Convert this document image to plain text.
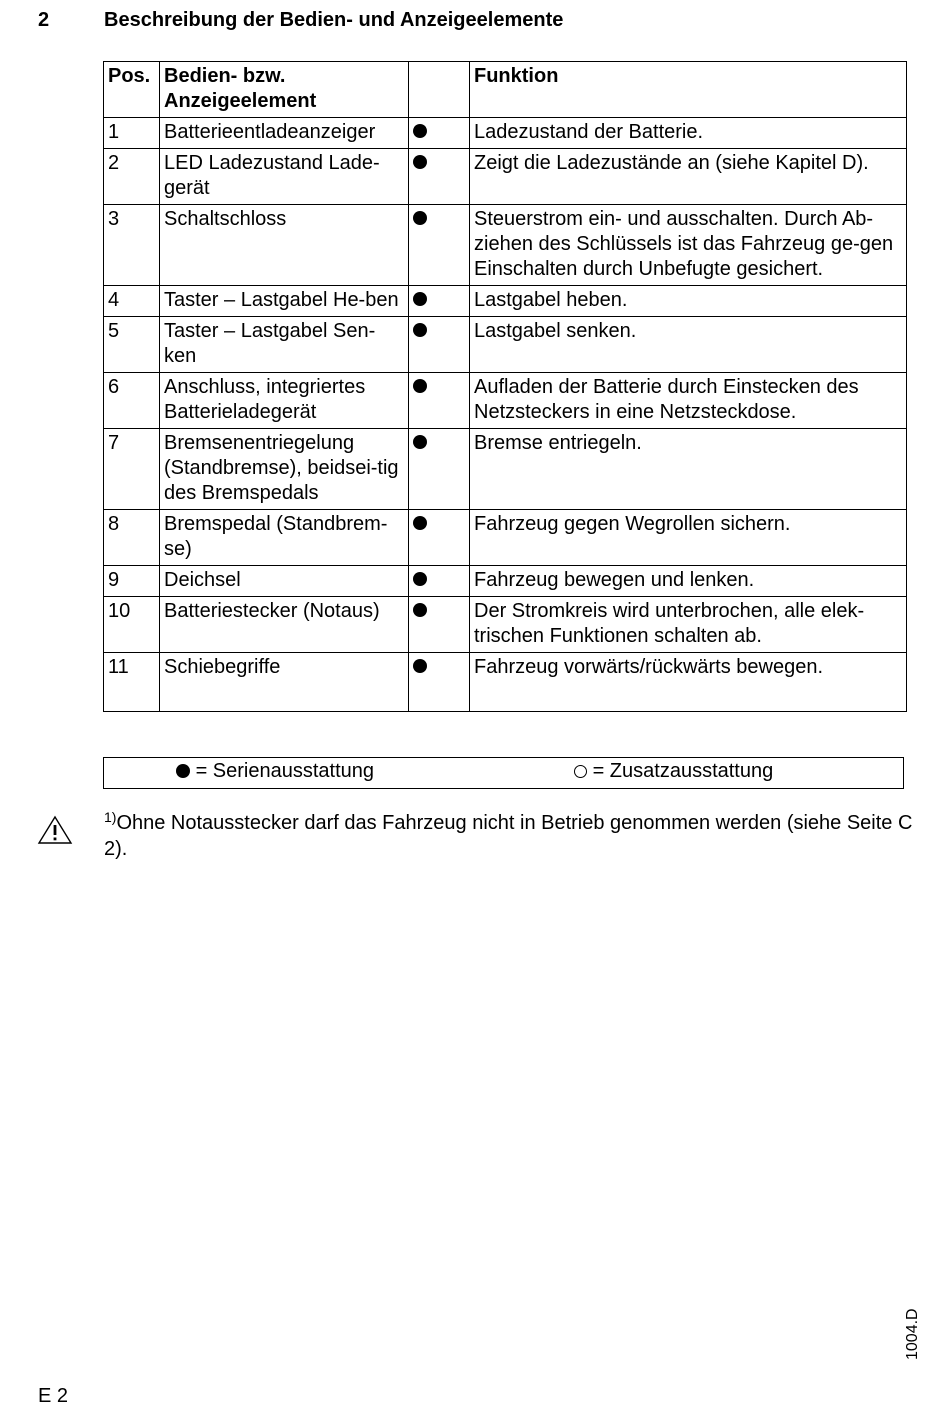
2	Beschreibung der Bedien- und Anzeigeelemente
Pos.	Bedien- bzw. Anzeigeelement		Funktion
1	Batterieentladeanzeiger		Ladezustand der Batterie.
2	LED Ladezustand Lade-gerät		Zeigt die Ladezustände an (siehe Kapitel D).
3	Schaltschloss		Steuerstrom ein- und ausschalten. Durch Ab-ziehen des Schlüssels ist das Fahrzeug ge-gen Einschalten durch Unbefugte gesichert.
4	Taster – Lastgabel He-ben		Lastgabel heben.
5	Taster – Lastgabel Sen-ken		Lastgabel senken.
6	Anschluss, integriertes Batterieladegerät		Aufladen der Batterie durch Einstecken des Netzsteckers in eine Netzsteckdose.
7	Bremsenentriegelung (Standbremse), beidsei-tig des Bremspedals		Bremse entriegeln.
8	Bremspedal (Standbrem-se)		Fahrzeug gegen Wegrollen sichern.
9	Deichsel		Fahrzeug bewegen und lenken.
10	Batteriestecker (Notaus)		Der Stromkreis wird unterbrochen, alle elek-trischen Funktionen schalten ab.
11	Schiebegriffe		Fahrzeug vorwärts/rückwärts bewegen.
= Serienausstattung	= Zusatzausstattung
$^{1)}$Ohne Notausstecker darf das Fahrzeug nicht in Betrieb genommen werden (siehe Seite C 2).
E 2
1004.D
